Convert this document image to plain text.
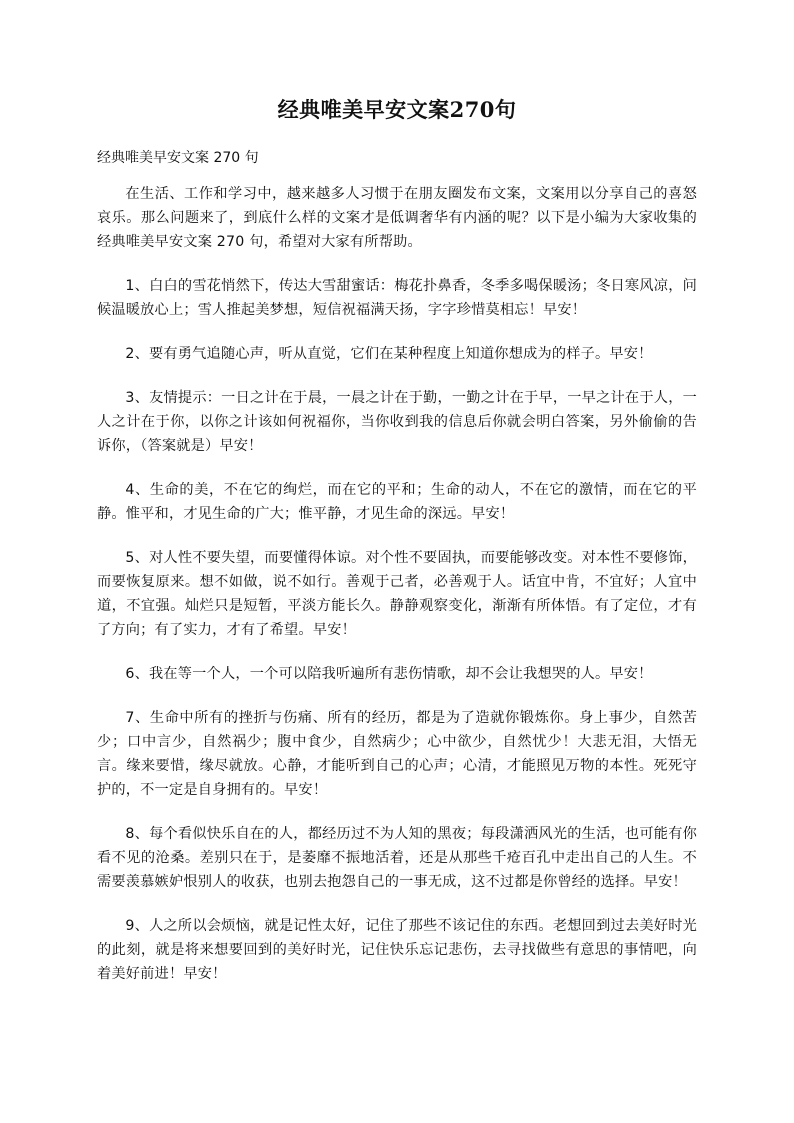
经典唯美早安文案270句
经典唯美早安文案 270 句

在生活、工作和学习中，越来越多人习惯于在朋友圈发布文案，文案用以分享自己的喜怒哀乐。那么问题来了，到底什么样的文案才是低调奢华有内涵的呢？以下是小编为大家收集的经典唯美早安文案 270 句，希望对大家有所帮助。

1、白白的雪花悄然下，传达大雪甜蜜话：梅花扑鼻香，冬季多喝保暖汤；冬日寒风凉，问候温暖放心上；雪人推起美梦想，短信祝福满天扬，字字珍惜莫相忘！早安！

2、要有勇气追随心声，听从直觉，它们在某种程度上知道你想成为的样子。早安！

3、友情提示：一日之计在于晨，一晨之计在于勤，一勤之计在于早，一早之计在于人，一人之计在于你，以你之计该如何祝福你，当你收到我的信息后你就会明白答案，另外偷偷的告诉你，（答案就是）早安！

4、生命的美，不在它的绚烂，而在它的平和；生命的动人，不在它的激情，而在它的平静。惟平和，才见生命的广大；惟平静，才见生命的深远。早安！

5、对人性不要失望，而要懂得体谅。对个性不要固执，而要能够改变。对本性不要修饰，而要恢复原来。想不如做，说不如行。善观于己者，必善观于人。话宜中肯，不宜好；人宜中道，不宜强。灿烂只是短暂，平淡方能长久。静静观察变化，渐渐有所体悟。有了定位，才有了方向；有了实力，才有了希望。早安！

6、我在等一个人，一个可以陪我听遍所有悲伤情歌，却不会让我想哭的人。早安！

7、生命中所有的挫折与伤痛、所有的经历，都是为了造就你锻炼你。身上事少，自然苦少；口中言少，自然祸少；腹中食少，自然病少；心中欲少，自然忧少！大悲无泪，大悟无言。缘来要惜，缘尽就放。心静，才能听到自己的心声；心清，才能照见万物的本性。死死守护的，不一定是自身拥有的。早安！

8、每个看似快乐自在的人，都经历过不为人知的黑夜；每段潇洒风光的生活，也可能有你看不见的沧桑。差别只在于，是萎靡不振地活着，还是从那些千疮百孔中走出自己的人生。不需要羡慕嫉妒恨别人的收获，也别去抱怨自己的一事无成，这不过都是你曾经的选择。早安！

9、人之所以会烦恼，就是记性太好，记住了那些不该记住的东西。老想回到过去美好时光的此刻，就是将来想要回到的美好时光，记住快乐忘记悲伤，去寻找做些有意思的事情吧，向着美好前进！早安！
